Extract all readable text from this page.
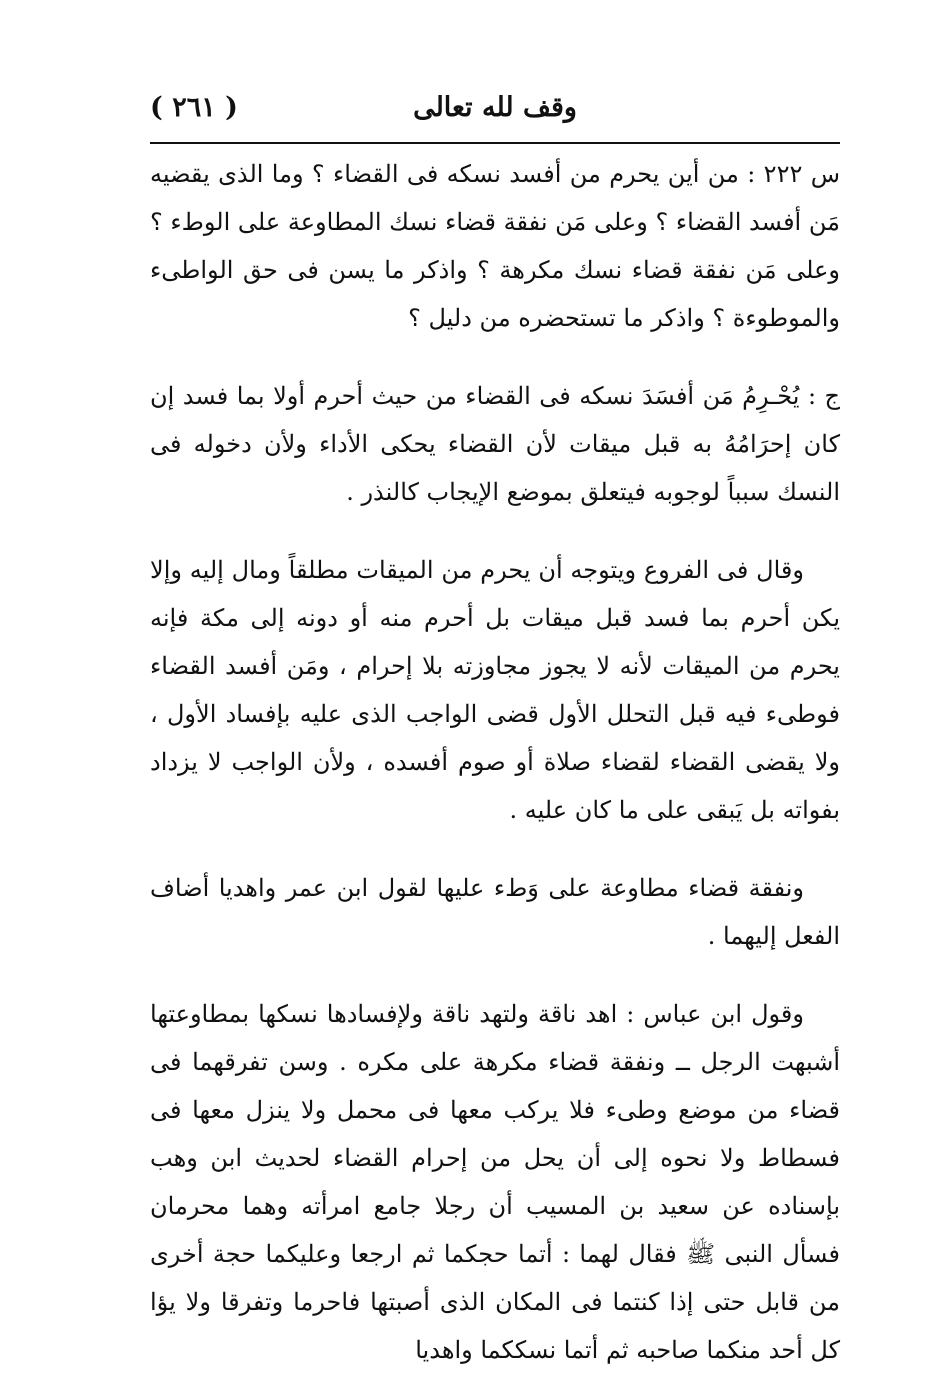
وقف لله تعالى
( ٢٦١ )

س ٢٢٢ : من أين يحرم من أفسد نسكه فى القضاء ؟ وما الذى يقضيه مَن أفسد القضاء ؟ وعلى مَن نفقة قضاء نسك المطاوعة على الوطء ؟ وعلى مَن نفقة قضاء نسك مكرهة ؟ واذكر ما يسن فى حق الواطىء والموطوءة ؟ واذكر ما تستحضره من دليل ؟

ج : يُحْـرِمُ مَن أفسَدَ نسكه فى القضاء من حيث أحرم أولا بما فسد إن كان إحرَامُهُ به قبل ميقات لأن القضاء يحكى الأداء ولأن دخوله فى النسك سبباً لوجوبه فيتعلق بموضع الإيجاب كالنذر .

وقال فى الفروع ويتوجه أن يحرم من الميقات مطلقاً ومال إليه وإلا يكن أحرم بما فسد قبل ميقات بل أحرم منه أو دونه إلى مكة فإنه يحرم من الميقات لأنه لا يجوز مجاوزته بلا إحرام ، ومَن أفسد القضاء فوطىء فيه قبل التحلل الأول قضى الواجب الذى عليه بإفساد الأول ، ولا يقضى القضاء لقضاء صلاة أو صوم أفسده ، ولأن الواجب لا يزداد بفواته بل يَبقى على ما كان عليه .

ونفقة قضاء مطاوعة على وَطء عليها لقول ابن عمر واهديا أضاف الفعل إليهما .

وقول ابن عباس : اهد ناقة ولتهد ناقة ولإفسادها نسكها بمطاوعتها أشبهت الرجل ــ ونفقة قضاء مكرهة على مكره . وسن تفرقهما فى قضاء من موضع وطىء فلا يركب معها فى محمل ولا ينزل معها فى فسطاط ولا نحوه إلى أن يحل من إحرام القضاء لحديث ابن وهب بإسناده عن سعيد بن المسيب أن رجلا جامع امرأته وهما محرمان فسأل النبى ﷺ فقال لهما : أتما حجكما ثم ارجعا وعليكما حجة أخرى من قابل حتى إذا كنتما فى المكان الذى أصبتها فاحرما وتفرقا ولا يؤا كل أحد منكما صاحبه ثم أتما نسككما واهديا
